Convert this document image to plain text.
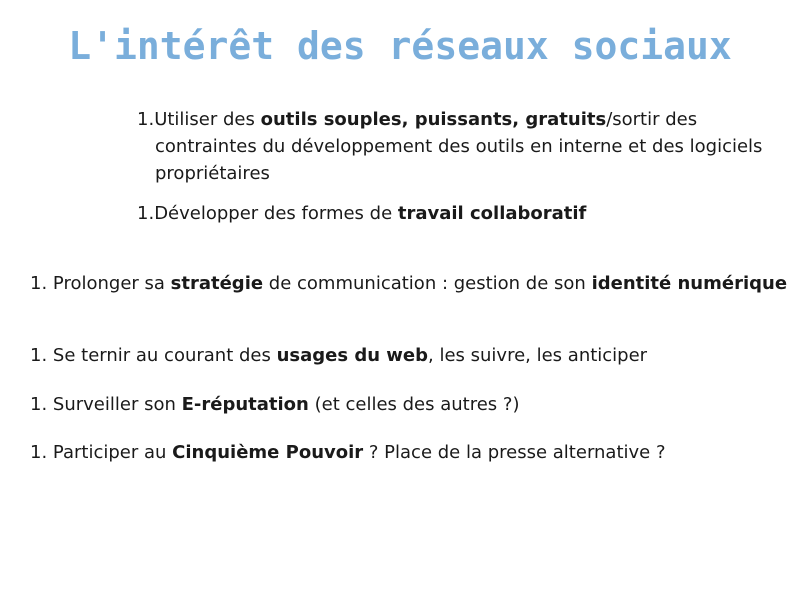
L'intérêt des réseaux sociaux
1.Utiliser des outils souples, puissants, gratuits/sortir des contraintes du développement des outils en interne et des logiciels propriétaires
1.Développer des formes de travail collaboratif
1. Prolonger sa stratégie de communication : gestion de son identité numérique
1. Se ternir au courant des usages du web, les suivre, les anticiper
1. Surveiller son E-réputation (et celles des autres ?)
1. Participer au Cinquième Pouvoir ? Place de la presse alternative ?
